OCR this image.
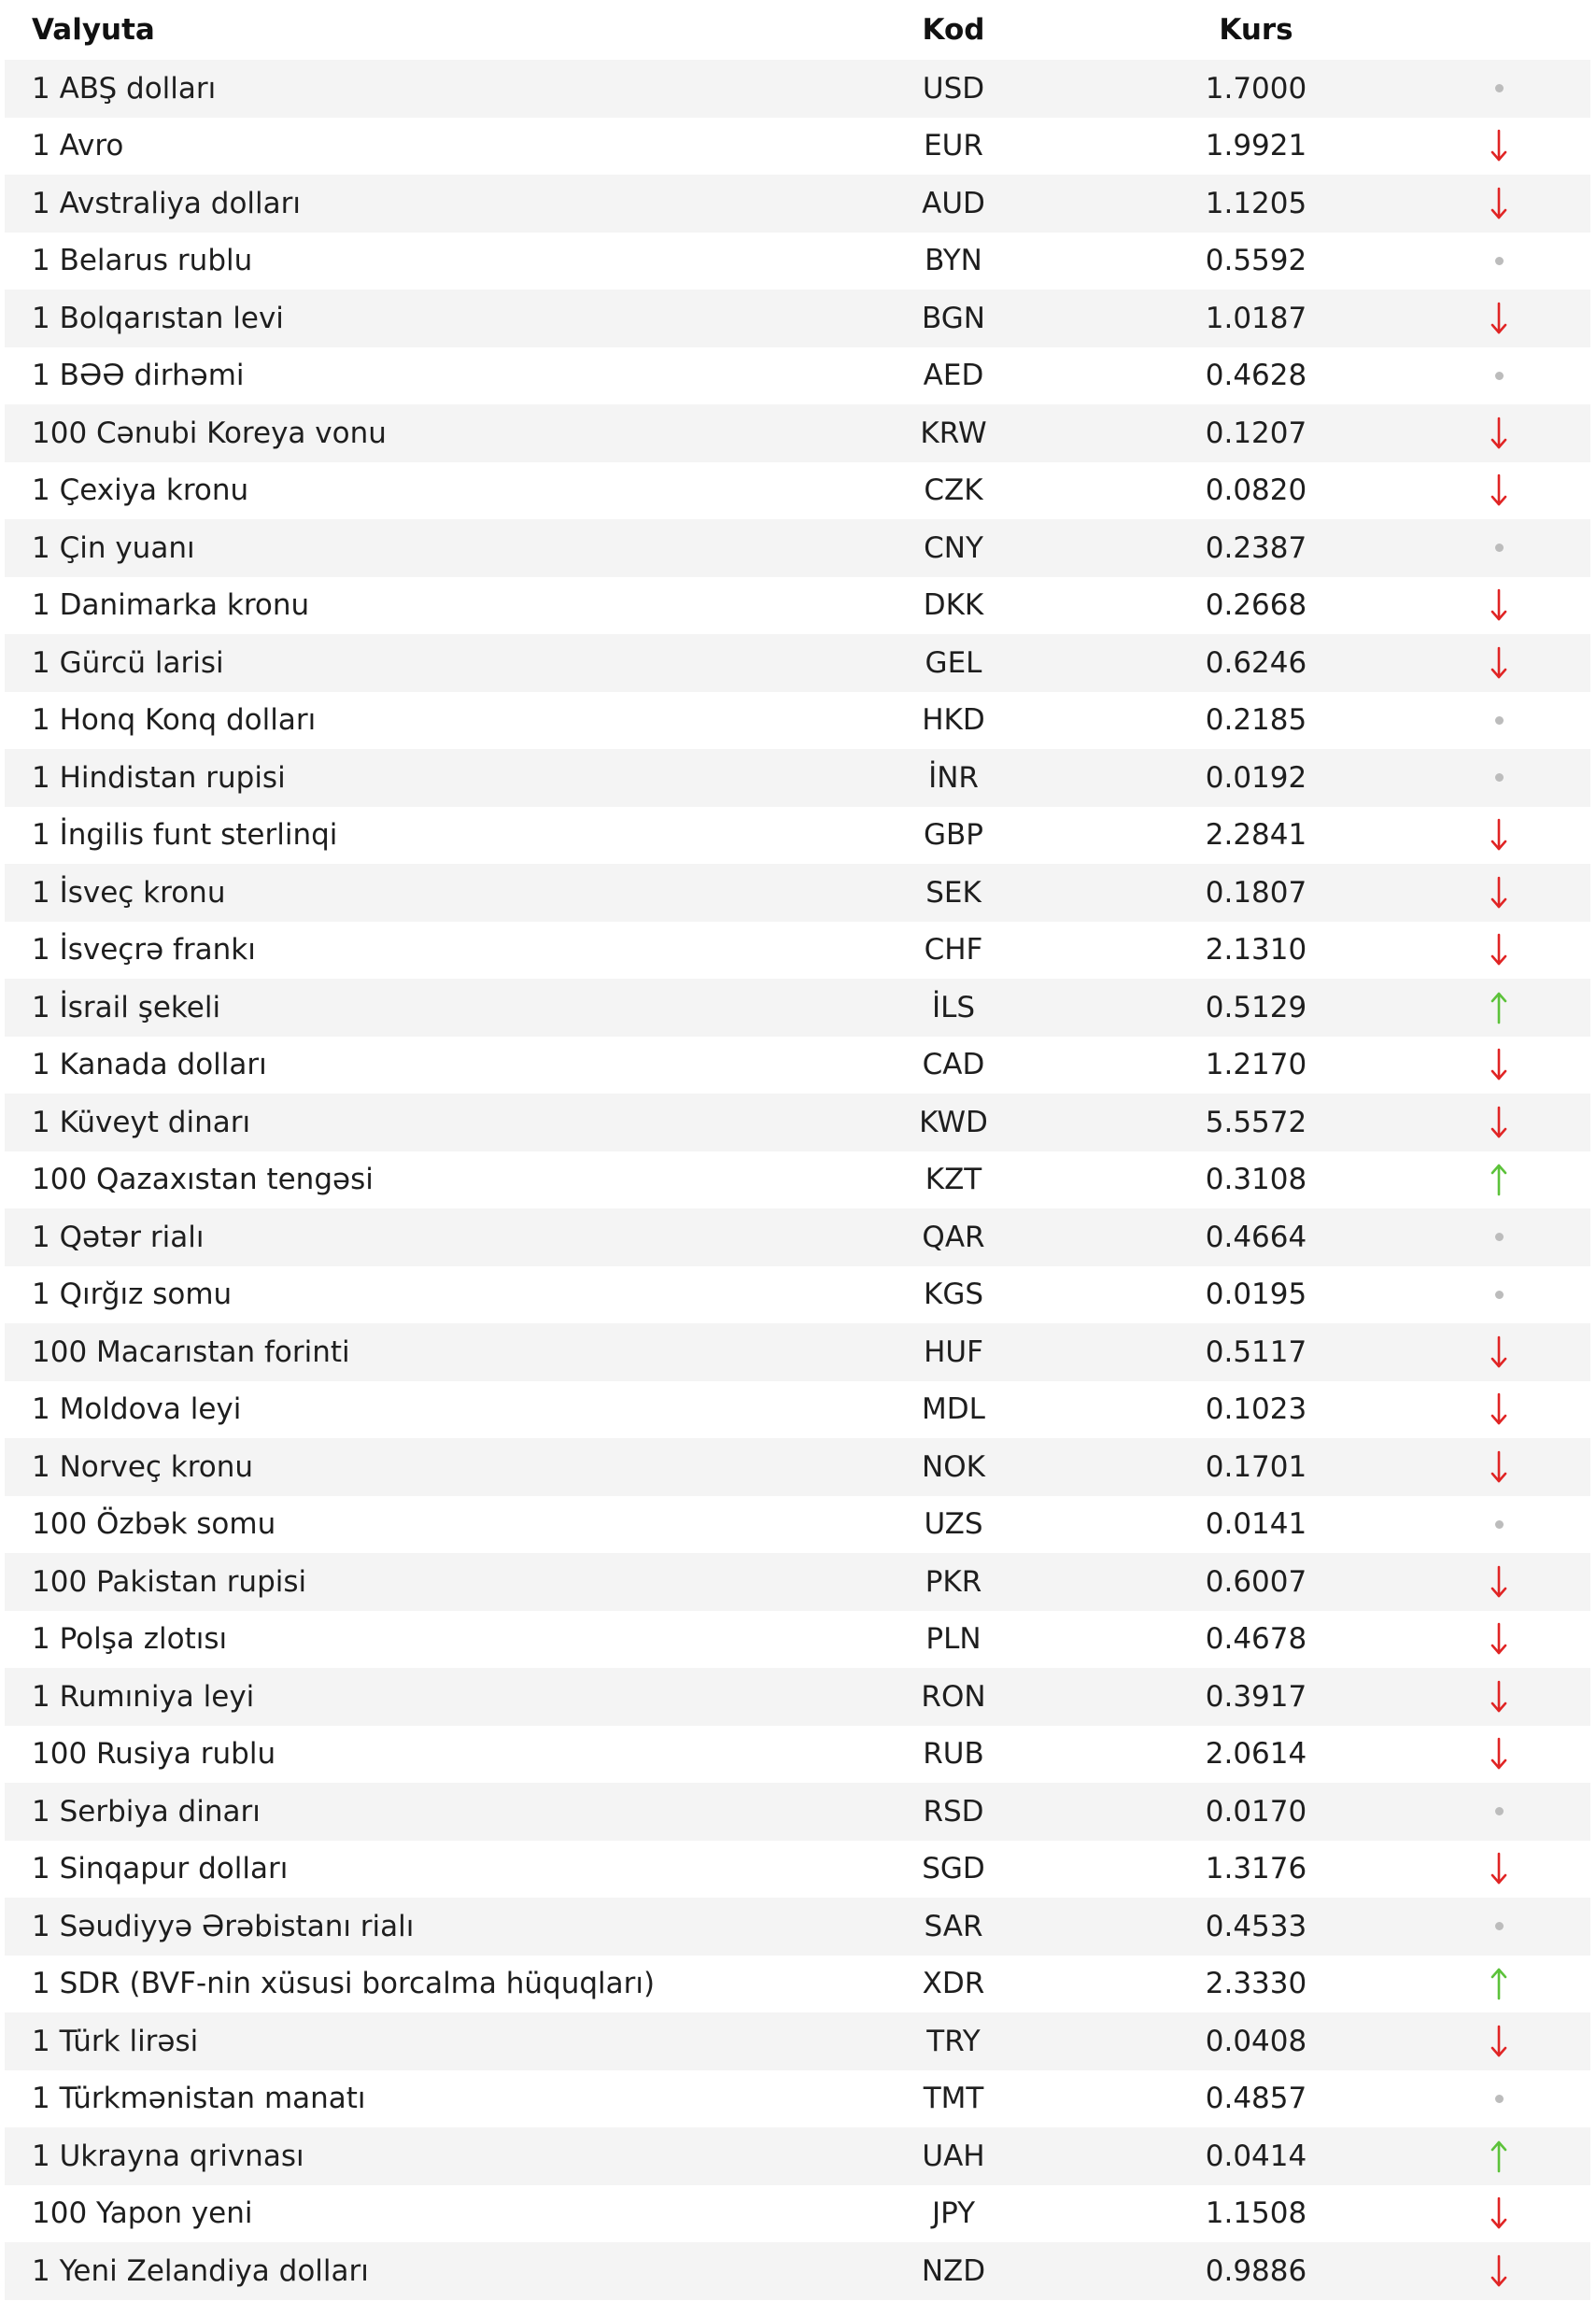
Valyuta	Kod	Kurs
1 ABŞ dolları	USD	1.7000
1 Avro	EUR	1.9921
1 Avstraliya dolları	AUD	1.1205
1 Belarus rublu	BYN	0.5592
1 Bolqarıstan levi	BGN	1.0187
1 BƏƏ dirhəmi	AED	0.4628
100 Cənubi Koreya vonu	KRW	0.1207
1 Çexiya kronu	CZK	0.0820
1 Çin yuanı	CNY	0.2387
1 Danimarka kronu	DKK	0.2668
1 Gürcü larisi	GEL	0.6246
1 Honq Konq dolları	HKD	0.2185
1 Hindistan rupisi	İNR	0.0192
1 İngilis funt sterlinqi	GBP	2.2841
1 İsveç kronu	SEK	0.1807
1 İsveçrə frankı	CHF	2.1310
1 İsrail şekeli	İLS	0.5129
1 Kanada dolları	CAD	1.2170
1 Küveyt dinarı	KWD	5.5572
100 Qazaxıstan tengəsi	KZT	0.3108
1 Qətər rialı	QAR	0.4664
1 Qırğız somu	KGS	0.0195
100 Macarıstan forinti	HUF	0.5117
1 Moldova leyi	MDL	0.1023
1 Norveç kronu	NOK	0.1701
100 Özbək somu	UZS	0.0141
100 Pakistan rupisi	PKR	0.6007
1 Polşa zlotısı	PLN	0.4678
1 Rumıniya leyi	RON	0.3917
100 Rusiya rublu	RUB	2.0614
1 Serbiya dinarı	RSD	0.0170
1 Sinqapur dolları	SGD	1.3176
1 Səudiyyə Ərəbistanı rialı	SAR	0.4533
1 SDR (BVF-nin xüsusi borcalma hüquqları)	XDR	2.3330
1 Türk lirəsi	TRY	0.0408
1 Türkmənistan manatı	TMT	0.4857
1 Ukrayna qrivnası	UAH	0.0414
100 Yapon yeni	JPY	1.1508
1 Yeni Zelandiya dolları	NZD	0.9886
